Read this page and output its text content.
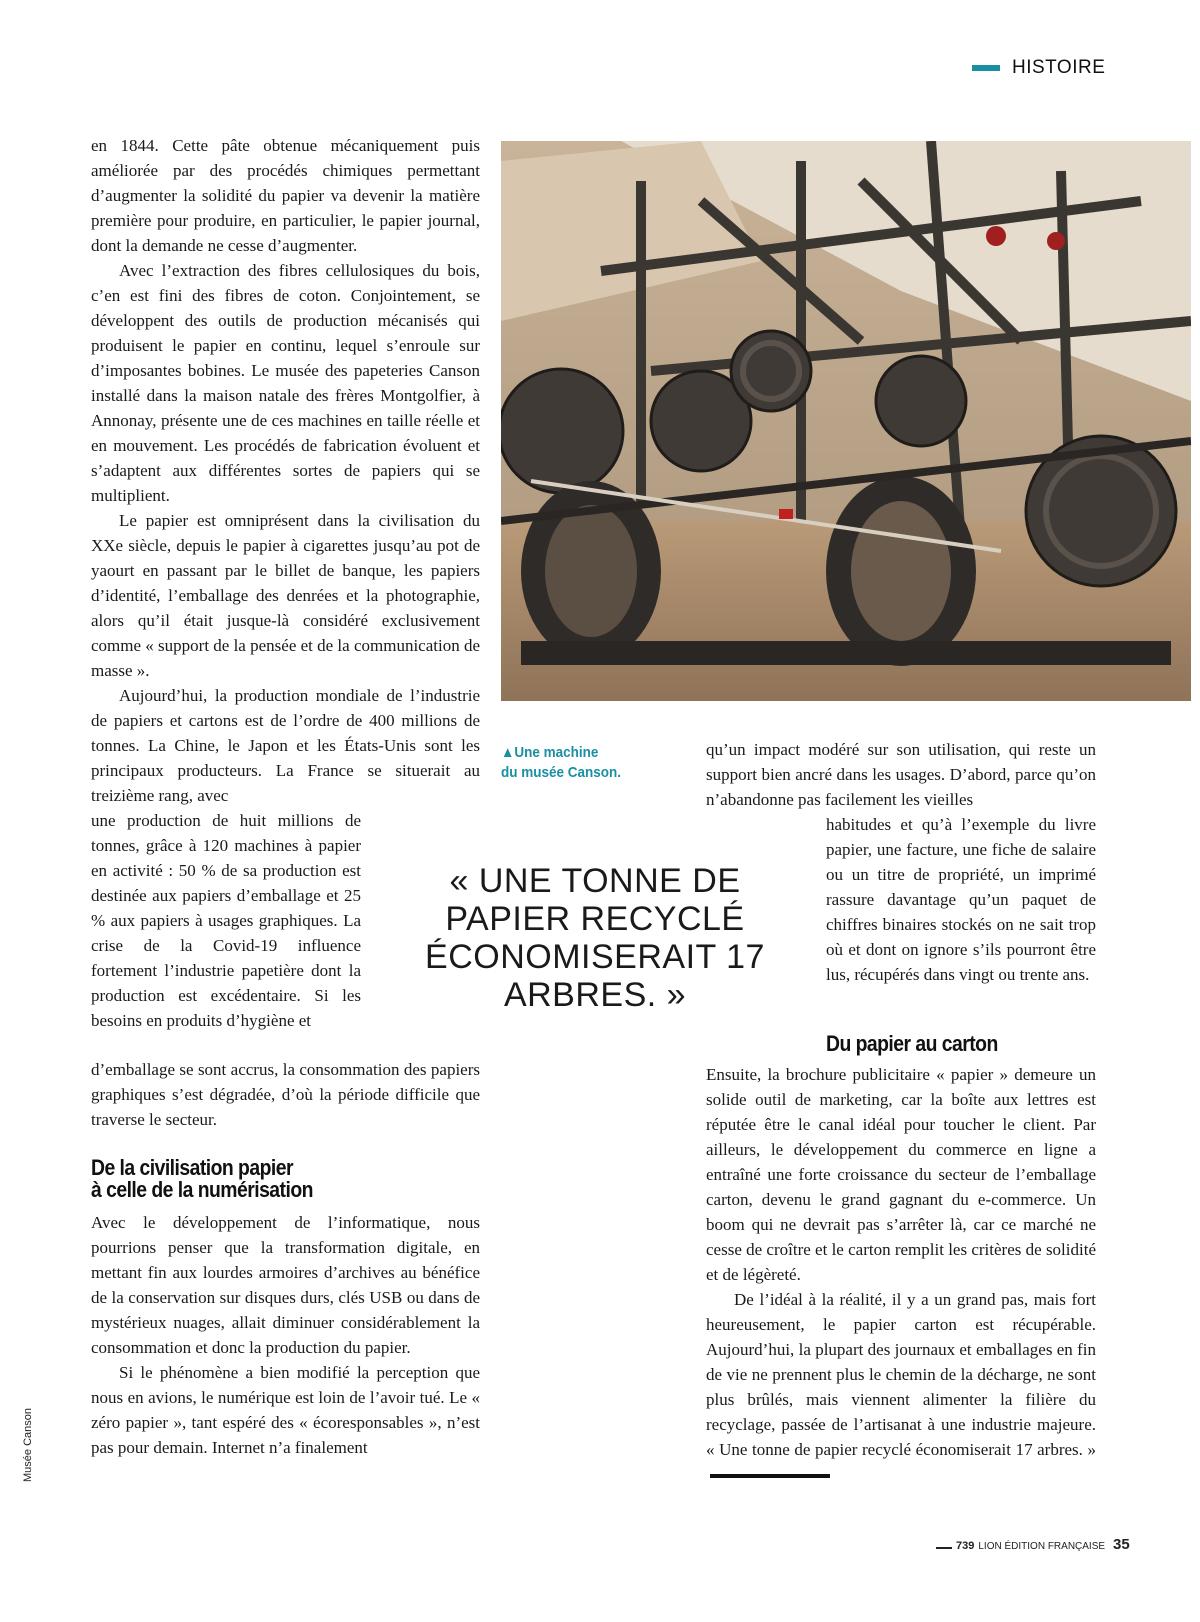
HISTOIRE
Musée Canson

en 1844. Cette pâte obtenue mécaniquement puis améliorée par des procédés chimiques permettant d’augmenter la solidité du papier va devenir la matière première pour produire, en particulier, le papier journal, dont la demande ne cesse d’augmenter.

Avec l’extraction des fibres cellulosiques du bois, c’en est fini des fibres de coton. Conjointement, se développent des outils de production mécanisés qui produisent le papier en continu, lequel s’enroule sur d’imposantes bobines. Le musée des papeteries Canson installé dans la maison natale des frères Montgolfier, à Annonay, présente une de ces machines en taille réelle et en mouvement. Les procédés de fabrication évoluent et s’adaptent aux différentes sortes de papiers qui se multiplient.

Le papier est omniprésent dans la civilisation du XXe siècle, depuis le papier à cigarettes jusqu’au pot de yaourt en passant par le billet de banque, les papiers d’identité, l’emballage des denrées et la photographie, alors qu’il était jusque-là considéré exclusivement comme « support de la pensée et de la communication de masse ».

Aujourd’hui, la production mondiale de l’industrie de papiers et cartons est de l’ordre de 400 millions de tonnes. La Chine, le Japon et les États-Unis sont les principaux producteurs. La France se situerait au treizième rang, avec

une production de huit millions de tonnes, grâce à 120 machines à papier en activité : 50 % de sa production est destinée aux papiers d’emballage et 25 % aux papiers à usages graphiques. La crise de la Covid-19 influence fortement l’industrie papetière dont la production est excédentaire. Si les besoins en produits d’hygiène et

d’emballage se sont accrus, la consommation des papiers graphiques s’est dégradée, d’où la période difficile que traverse le secteur.

De la civilisation papier
à celle de la numérisation

Avec le développement de l’informatique, nous pourrions penser que la transformation digitale, en mettant fin aux lourdes armoires d’archives au bénéfice de la conservation sur disques durs, clés USB ou dans de mystérieux nuages, allait diminuer considérablement la consommation et donc la production du papier.

Si le phénomène a bien modifié la perception que nous en avions, le numérique est loin de l’avoir tué. Le « zéro papier », tant espéré des « écoresponsables », n’est pas pour demain. Internet n’a finalement

▲Une machine
du musée Canson.
« UNE TONNE DE PAPIER RECYCLÉ ÉCONOMISERAIT 17 ARBRES. »

qu’un impact modéré sur son utilisation, qui reste un support bien ancré dans les usages. D’abord, parce qu’on n’abandonne pas facilement les vieilles

habitudes et qu’à l’exemple du livre papier, une facture, une fiche de salaire ou un titre de propriété, un imprimé rassure davantage qu’un paquet de chiffres binaires stockés on ne sait trop où et dont on ignore s’ils pourront être lus, récupérés dans vingt ou trente ans.

Du papier au carton

Ensuite, la brochure publicitaire « papier » demeure un solide outil de marketing, car la boîte aux lettres est réputée être le canal idéal pour toucher le client. Par ailleurs, le développement du commerce en ligne a entraîné une forte croissance du secteur de l’emballage carton, devenu le grand gagnant du e-commerce. Un boom qui ne devrait pas s’arrêter là, car ce marché ne cesse de croître et le carton remplit les critères de solidité et de légèreté.

De l’idéal à la réalité, il y a un grand pas, mais fort heureusement, le papier carton est récupérable. Aujourd’hui, la plupart des journaux et emballages en fin de vie ne prennent plus le chemin de la décharge, ne sont plus brûlés, mais viennent alimenter la filière du recyclage, passée de l’artisanat à une industrie majeure. « Une tonne de papier recyclé économiserait 17 arbres. »

739 LION ÉDITION FRANÇAISE 35
